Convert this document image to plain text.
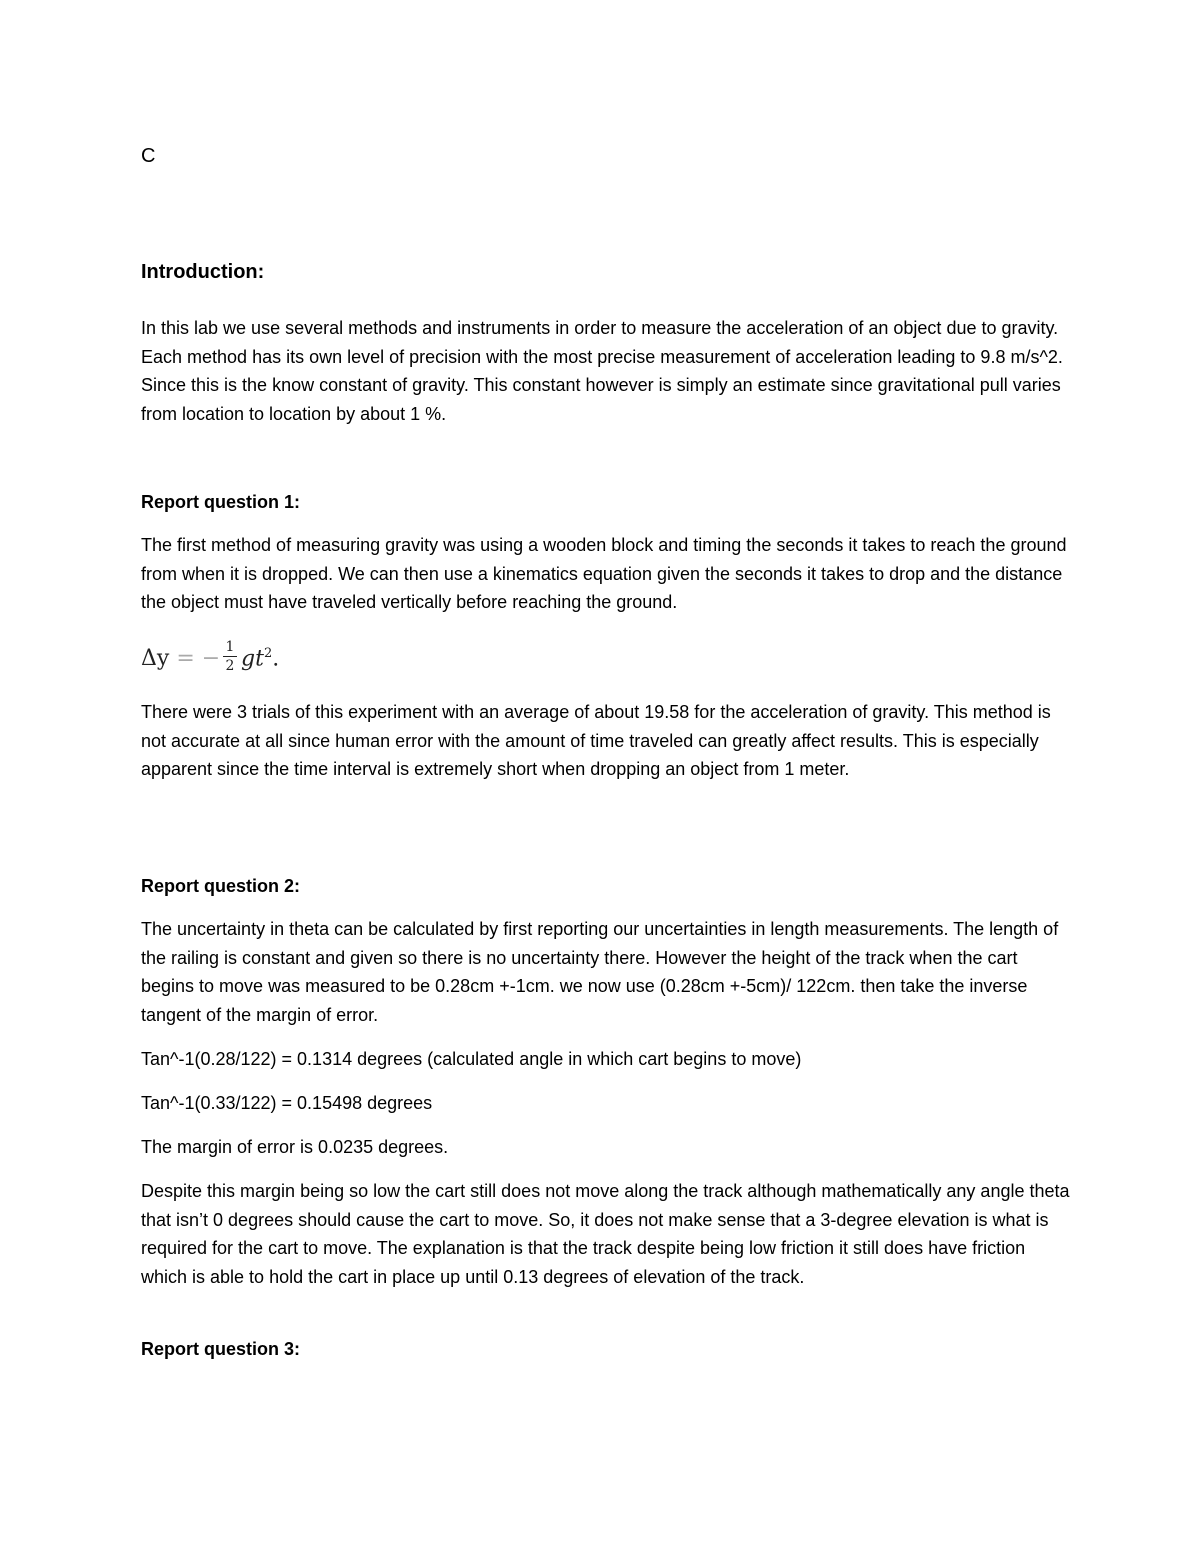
C
Introduction:

In this lab we use several methods and instruments in order to measure the acceleration of an object due to gravity. Each method has its own level of precision with the most precise measurement of acceleration leading to 9.8 m/s^2. Since this is the know constant of gravity. This constant however is simply an estimate since gravitational pull varies from location to location by about 1 %.

Report question 1:

The first method of measuring gravity was using a wooden block and timing the seconds it takes to reach the ground from when it is dropped. We can then use a kinematics equation given the seconds it takes to drop and the distance the object must have traveled vertically before reaching the ground.

Δy = − 1
2 $gt^2$.

There were 3 trials of this experiment with an average of about 19.58 for the acceleration of gravity. This method is not accurate at all since human error with the amount of time traveled can greatly affect results. This is especially apparent since the time interval is extremely short when dropping an object from 1 meter.

Report question 2:

The uncertainty in theta can be calculated by first reporting our uncertainties in length measurements. The length of the railing is constant and given so there is no uncertainty there. However the height of the track when the cart begins to move was measured to be 0.28cm +-1cm. we now use (0.28cm +-5cm)/ 122cm. then take the inverse tangent of the margin of error.

Tan^-1(0.28/122) = 0.1314 degrees (calculated angle in which cart begins to move)
Tan^-1(0.33/122) = 0.15498 degrees
The margin of error is 0.0235 degrees.

Despite this margin being so low the cart still does not move along the track although mathematically any angle theta that isn’t 0 degrees should cause the cart to move. So, it does not make sense that a 3-degree elevation is what is required for the cart to move. The explanation is that the track despite being low friction it still does have friction which is able to hold the cart in place up until 0.13 degrees of elevation of the track.

Report question 3:
